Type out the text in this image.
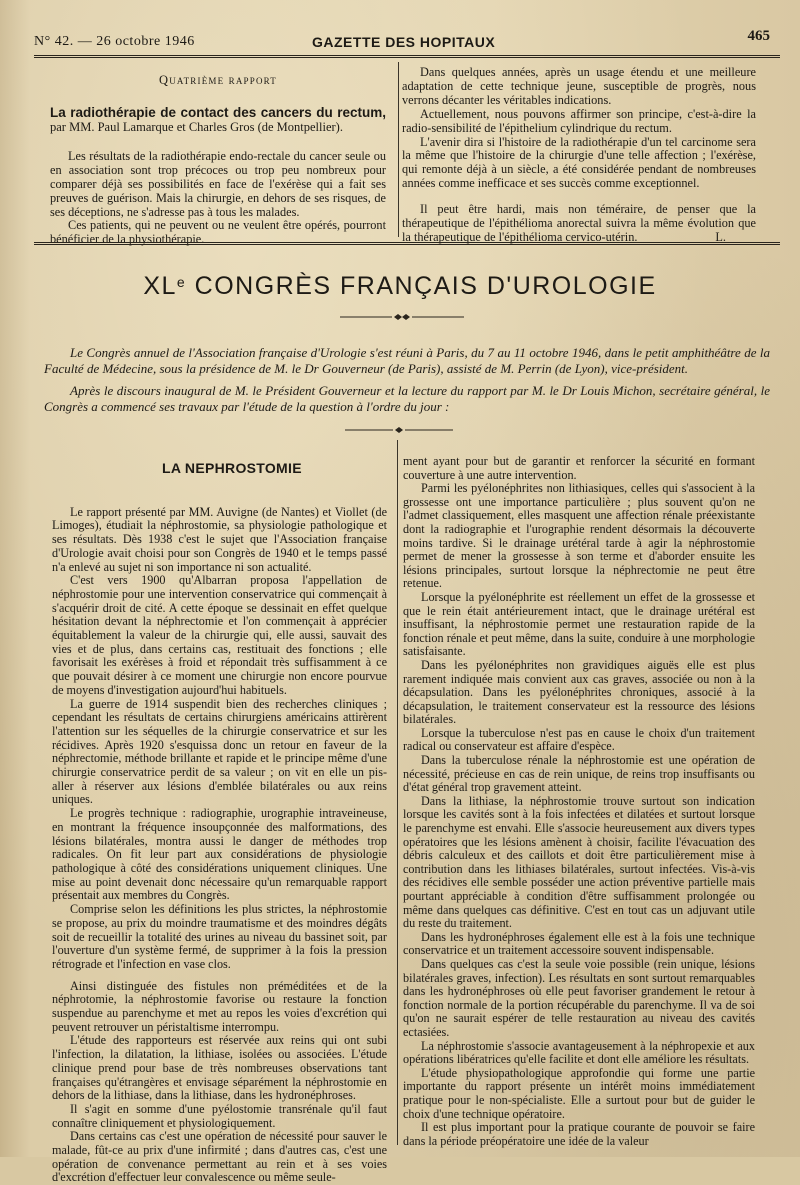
N° 42. — 26 octobre 1946	GAZETTE DES HOPITAUX	465
Quatrième rapport
La radiothérapie de contact des cancers du rectum, par MM. Paul Lamarque et Charles Gros (de Montpellier).

Les résultats de la radiothérapie endo-rectale du cancer seule ou en association sont trop précoces ou trop peu nombreux pour comparer déjà ses possibilités en face de l'exérèse qui a fait ses preuves de guérison. Mais la chirurgie, en dehors de ses risques, de ses déceptions, ne s'adresse pas à tous les malades.

Ces patients, qui ne peuvent ou ne veulent être opérés, pourront bénéficier de la physiothérapie.

Dans quelques années, après un usage étendu et une meilleure adaptation de cette technique jeune, susceptible de progrès, nous verrons décanter les véritables indications.

Actuellement, nous pouvons affirmer son principe, c'est-à-dire la radio-sensibilité de l'épithelium cylindrique du rectum.

L'avenir dira si l'histoire de la radiothérapie d'un tel carcinome sera la même que l'histoire de la chirurgie d'une telle affection ; l'exérèse, qui remonte déjà à un siècle, a été considérée pendant de nombreuses années comme inefficace et ses succès comme exceptionnel.

Il peut être hardi, mais non téméraire, de penser que la thérapeutique de l'épithélioma anorectal suivra la même évolution que la thérapeutique de l'épithélioma cervico-utérin.	L.

XLe CONGRÈS FRANÇAIS D'UROLOGIE

Le Congrès annuel de l'Association française d'Urologie s'est réuni à Paris, du 7 au 11 octobre 1946, dans le petit amphithéâtre de la Faculté de Médecine, sous la présidence de M. le Dr Gouverneur (de Paris), assisté de M. Perrin (de Lyon), vice-président.

Après le discours inaugural de M. le Président Gouverneur et la lecture du rapport par M. le Dr Louis Michon, secrétaire général, le Congrès a commencé ses travaux par l'étude de la question à l'ordre du jour :

LA NEPHROSTOMIE

Le rapport présenté par MM. Auvigne (de Nantes) et Viollet (de Limoges), étudiait la néphrostomie, sa physiologie pathologique et ses résultats. Dès 1938 c'est le sujet que l'Association française d'Urologie avait choisi pour son Congrès de 1940 et le temps passé n'a enlevé au sujet ni son importance ni son actualité.

C'est vers 1900 qu'Albarran proposa l'appellation de néphrostomie pour une intervention conservatrice qui commençait à s'acquérir droit de cité. A cette époque se dessinait en effet quelque hésitation devant la néphrectomie et l'on commençait à apprécier équitablement la valeur de la chirurgie qui, elle aussi, sauvait des vies et de plus, dans certains cas, restituait des fonctions ; elle favorisait les exérèses à froid et répondait très suffisamment à ce que pouvait désirer à ce moment une chirurgie non encore pourvue de moyens d'investigation aujourd'hui habituels.

La guerre de 1914 suspendit bien des recherches cliniques ; cependant les résultats de certains chirurgiens américains attirèrent l'attention sur les séquelles de la chirurgie conservatrice et sur les récidives. Après 1920 s'esquissa donc un retour en faveur de la néphrectomie, méthode brillante et rapide et le principe même d'une chirurgie conservatrice perdit de sa valeur ; on vit en elle un pis-aller à réserver aux lésions d'emblée bilatérales ou aux reins uniques.

Le progrès technique : radiographie, urographie intraveineuse, en montrant la fréquence insoupçonnée des malformations, des lésions bilatérales, montra aussi le danger de méthodes trop radicales. On fit leur part aux considérations de physiologie pathologique à côté des considérations uniquement cliniques. Une mise au point devenait donc nécessaire qu'un remarquable rapport présentait aux membres du Congrès.

Comprise selon les définitions les plus strictes, la néphrostomie se propose, au prix du moindre traumatisme et des moindres dégâts soit de recueillir la totalité des urines au niveau du bassinet soit, par l'ouverture d'un système fermé, de supprimer à la fois la pression rétrograde et l'infection en vase clos.

Ainsi distinguée des fistules non préméditées et de la néphrotomie, la néphrostomie favorise ou restaure la fonction suspendue au parenchyme et met au repos les voies d'excrétion qui peuvent retrouver un péristaltisme interrompu.

L'étude des rapporteurs est réservée aux reins qui ont subi l'infection, la dilatation, la lithiase, isolées ou associées. L'étude clinique prend pour base de très nombreuses observations tant françaises qu'étrangères et envisage séparément la néphrostomie en dehors de la lithiase, dans la lithiase, dans les hydronéphroses.

Il s'agit en somme d'une pyélostomie transrénale qu'il faut connaître cliniquement et physiologiquement.

Dans certains cas c'est une opération de nécessité pour sauver le malade, fût-ce au prix d'une infirmité ; dans d'autres cas, c'est une opération de convenance permettant au rein et à ses voies d'excrétion d'effectuer leur convalescence ou même seule-

ment ayant pour but de garantir et renforcer la sécurité en formant couverture à une autre intervention.

Parmi les pyélonéphrites non lithiasiques, celles qui s'associent à la grossesse ont une importance particulière ; plus souvent qu'on ne l'admet classiquement, elles masquent une affection rénale préexistante dont la radiographie et l'urographie rendent désormais la découverte moins tardive. Si le drainage urétéral tarde à agir la néphrostomie permet de mener la grossesse à son terme et d'aborder ensuite les lésions principales, surtout lorsque la néphrectomie ne peut être retenue.

Lorsque la pyélonéphrite est réellement un effet de la grossesse et que le rein était antérieurement intact, que le drainage urétéral est insuffisant, la néphrostomie permet une restauration rapide de la fonction rénale et peut même, dans la suite, conduire à une morphologie satisfaisante.

Dans les pyélonéphrites non gravidiques aiguës elle est plus rarement indiquée mais convient aux cas graves, associée ou non à la décapsulation. Dans les pyélonéphrites chroniques, associé à la décapsulation, le traitement conservateur est la ressource des lésions bilatérales.

Lorsque la tuberculose n'est pas en cause le choix d'un traitement radical ou conservateur est affaire d'espèce.

Dans la tuberculose rénale la néphrostomie est une opération de nécessité, précieuse en cas de rein unique, de reins trop insuffisants ou d'état général trop gravement atteint.

Dans la lithiase, la néphrostomie trouve surtout son indication lorsque les cavités sont à la fois infectées et dilatées et surtout lorsque le parenchyme est envahi. Elle s'associe heureusement aux divers types opératoires que les lésions amènent à choisir, facilite l'évacuation des débris calculeux et des caillots et doit être particulièrement mise à contribution dans les lithiases bilatérales, surtout infectées. Vis-à-vis des récidives elle semble posséder une action préventive partielle mais pourtant appréciable à condition d'être suffisamment prolongée ou même dans quelques cas définitive. C'est en tout cas un adjuvant utile du reste du traitement.

Dans les hydronéphroses également elle est à la fois une technique conservatrice et un traitement accessoire souvent indispensable.

Dans quelques cas c'est la seule voie possible (rein unique, lésions bilatérales graves, infection). Les résultats en sont surtout remarquables dans les hydronéphroses où elle peut favoriser grandement le retour à fonction normale de la portion récupérable du parenchyme. Il va de soi qu'on ne saurait espérer de telle restauration au niveau des cavités ectasiées.

La néphrostomie s'associe avantageusement à la néphropexie et aux opérations libératrices qu'elle facilite et dont elle améliore les résultats.

L'étude physiopathologique approfondie qui forme une partie importante du rapport présente un intérêt moins immédiatement pratique pour le non-spécialiste. Elle a surtout pour but de guider le choix d'une technique opératoire.

Il est plus important pour la pratique courante de pouvoir se faire dans la période préopératoire une idée de la valeur
